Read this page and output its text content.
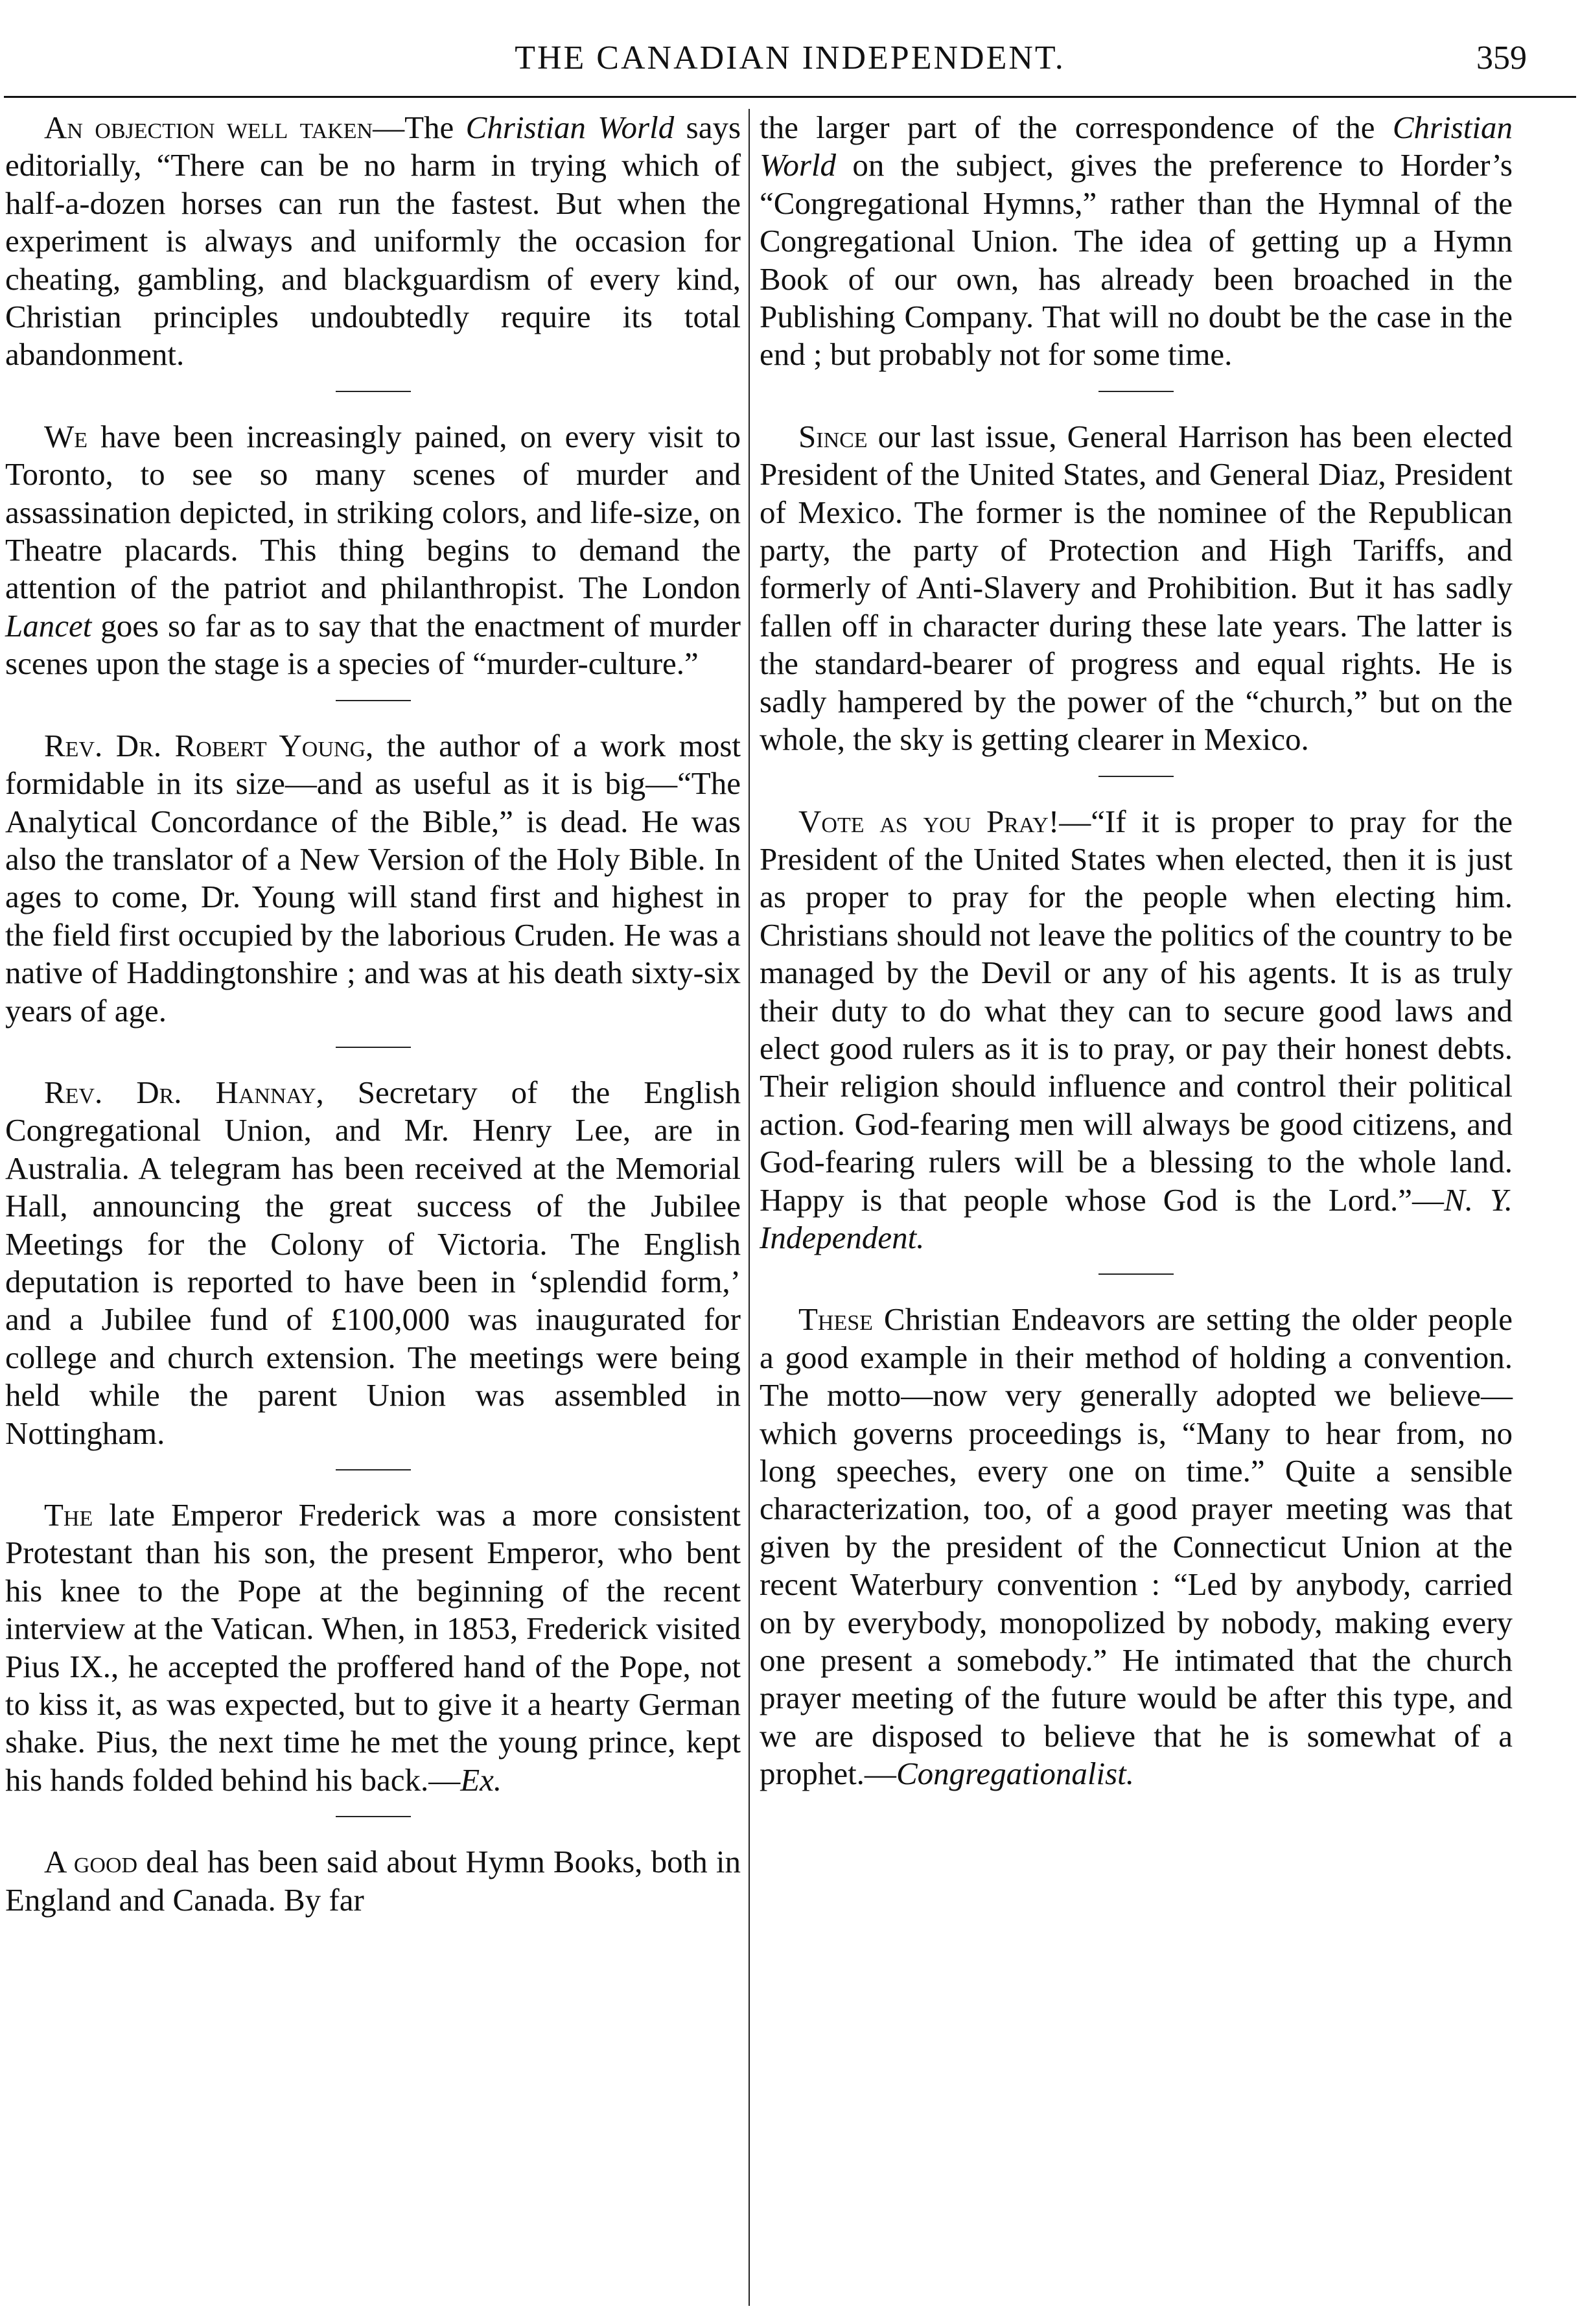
THE CANADIAN INDEPENDENT.	359

An objection well taken—The Christian World says editorially, “There can be no harm in trying which of half-a-dozen horses can run the fastest. But when the experiment is always and uniformly the occasion for cheating, gambling, and blackguardism of every kind, Christian principles undoubtedly require its total abandonment.

We have been increasingly pained, on every visit to Toronto, to see so many scenes of murder and assassination depicted, in striking colors, and life-size, on Theatre placards. This thing begins to demand the attention of the patriot and philanthropist. The London Lancet goes so far as to say that the enactment of murder scenes upon the stage is a species of “murder-culture.”

Rev. Dr. Robert Young, the author of a work most formidable in its size—and as useful as it is big—“The Analytical Concordance of the Bible,” is dead. He was also the translator of a New Version of the Holy Bible. In ages to come, Dr. Young will stand first and highest in the field first occupied by the laborious Cruden. He was a native of Haddingtonshire ; and was at his death sixty-six years of age.

Rev. Dr. Hannay, Secretary of the English Congregational Union, and Mr. Henry Lee, are in Australia. A telegram has been received at the Memorial Hall, announcing the great success of the Jubilee Meetings for the Colony of Victoria. The English deputation is reported to have been in ‘splendid form,’ and a Jubilee fund of £100,000 was inaugurated for college and church extension. The meetings were being held while the parent Union was assembled in Nottingham.

The late Emperor Frederick was a more consistent Protestant than his son, the present Emperor, who bent his knee to the Pope at the beginning of the recent interview at the Vatican. When, in 1853, Frederick visited Pius IX., he accepted the proffered hand of the Pope, not to kiss it, as was expected, but to give it a hearty German shake. Pius, the next time he met the young prince, kept his hands folded behind his back.—Ex.

A good deal has been said about Hymn Books, both in England and Canada. By far

the larger part of the correspondence of the Christian World on the subject, gives the preference to Horder’s “Congregational Hymns,” rather than the Hymnal of the Congregational Union. The idea of getting up a Hymn Book of our own, has already been broached in the Publishing Company. That will no doubt be the case in the end ; but probably not for some time.

Since our last issue, General Harrison has been elected President of the United States, and General Diaz, President of Mexico. The former is the nominee of the Republican party, the party of Protection and High Tariffs, and formerly of Anti-Slavery and Prohibition. But it has sadly fallen off in character during these late years. The latter is the standard-bearer of progress and equal rights. He is sadly hampered by the power of the “church,” but on the whole, the sky is getting clearer in Mexico.

Vote as you Pray!—“If it is proper to pray for the President of the United States when elected, then it is just as proper to pray for the people when electing him. Christians should not leave the politics of the country to be managed by the Devil or any of his agents. It is as truly their duty to do what they can to secure good laws and elect good rulers as it is to pray, or pay their honest debts. Their religion should influence and control their political action. God-fearing men will always be good citizens, and God-fearing rulers will be a blessing to the whole land. Happy is that people whose God is the Lord.”—N. Y. Independent.

These Christian Endeavors are setting the older people a good example in their method of holding a convention. The motto—now very generally adopted we believe—which governs proceedings is, “Many to hear from, no long speeches, every one on time.” Quite a sensible characterization, too, of a good prayer meeting was that given by the president of the Connecticut Union at the recent Waterbury convention : “Led by anybody, carried on by everybody, monopolized by nobody, making every one present a somebody.” He intimated that the church prayer meeting of the future would be after this type, and we are disposed to believe that he is somewhat of a prophet.—Congregationalist.
